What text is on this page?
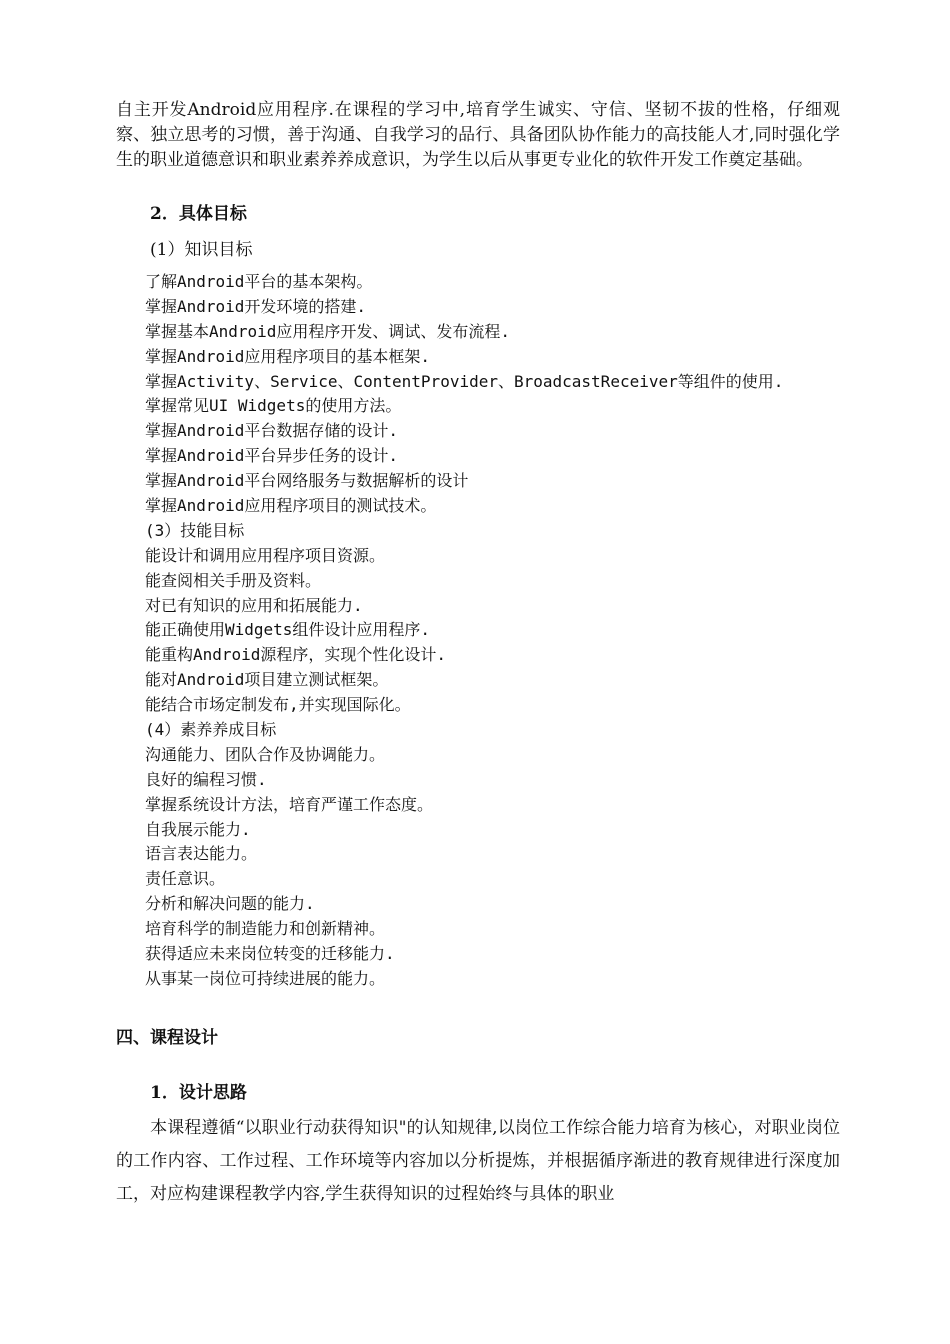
自主开发Android应用程序.在课程的学习中,培育学生诚实、守信、坚韧不拔的性格，仔细观察、独立思考的习惯，善于沟通、自我学习的品行、具备团队协作能力的高技能人才,同时强化学生的职业道德意识和职业素养养成意识，为学生以后从事更专业化的软件开发工作奠定基础。

2．具体目标

(1）知识目标

了解Android平台的基本架构。
掌握Android开发环境的搭建.
掌握基本Android应用程序开发、调试、发布流程.
掌握Android应用程序项目的基本框架.
掌握Activity、Service、ContentProvider、BroadcastReceiver等组件的使用.
掌握常见UI Widgets的使用方法。
掌握Android平台数据存储的设计.
掌握Android平台异步任务的设计.
掌握Android平台网络服务与数据解析的设计
掌握Android应用程序项目的测试技术。
(3）技能目标
能设计和调用应用程序项目资源。
能查阅相关手册及资料。
对已有知识的应用和拓展能力.
能正确使用Widgets组件设计应用程序.
能重构Android源程序，实现个性化设计.
能对Android项目建立测试框架。
能结合市场定制发布,并实现国际化。
(4）素养养成目标
沟通能力、团队合作及协调能力。
良好的编程习惯.
掌握系统设计方法，培育严谨工作态度。
自我展示能力.
语言表达能力。
责任意识。
分析和解决问题的能力.
培育科学的制造能力和创新精神。
获得适应未来岗位转变的迁移能力.
从事某一岗位可持续进展的能力。
四、课程设计
1．设计思路

本课程遵循“以职业行动获得知识"的认知规律,以岗位工作综合能力培育为核心，对职业岗位的工作内容、工作过程、工作环境等内容加以分析提炼，并根据循序渐进的教育规律进行深度加工，对应构建课程教学内容,学生获得知识的过程始终与具体的职业
